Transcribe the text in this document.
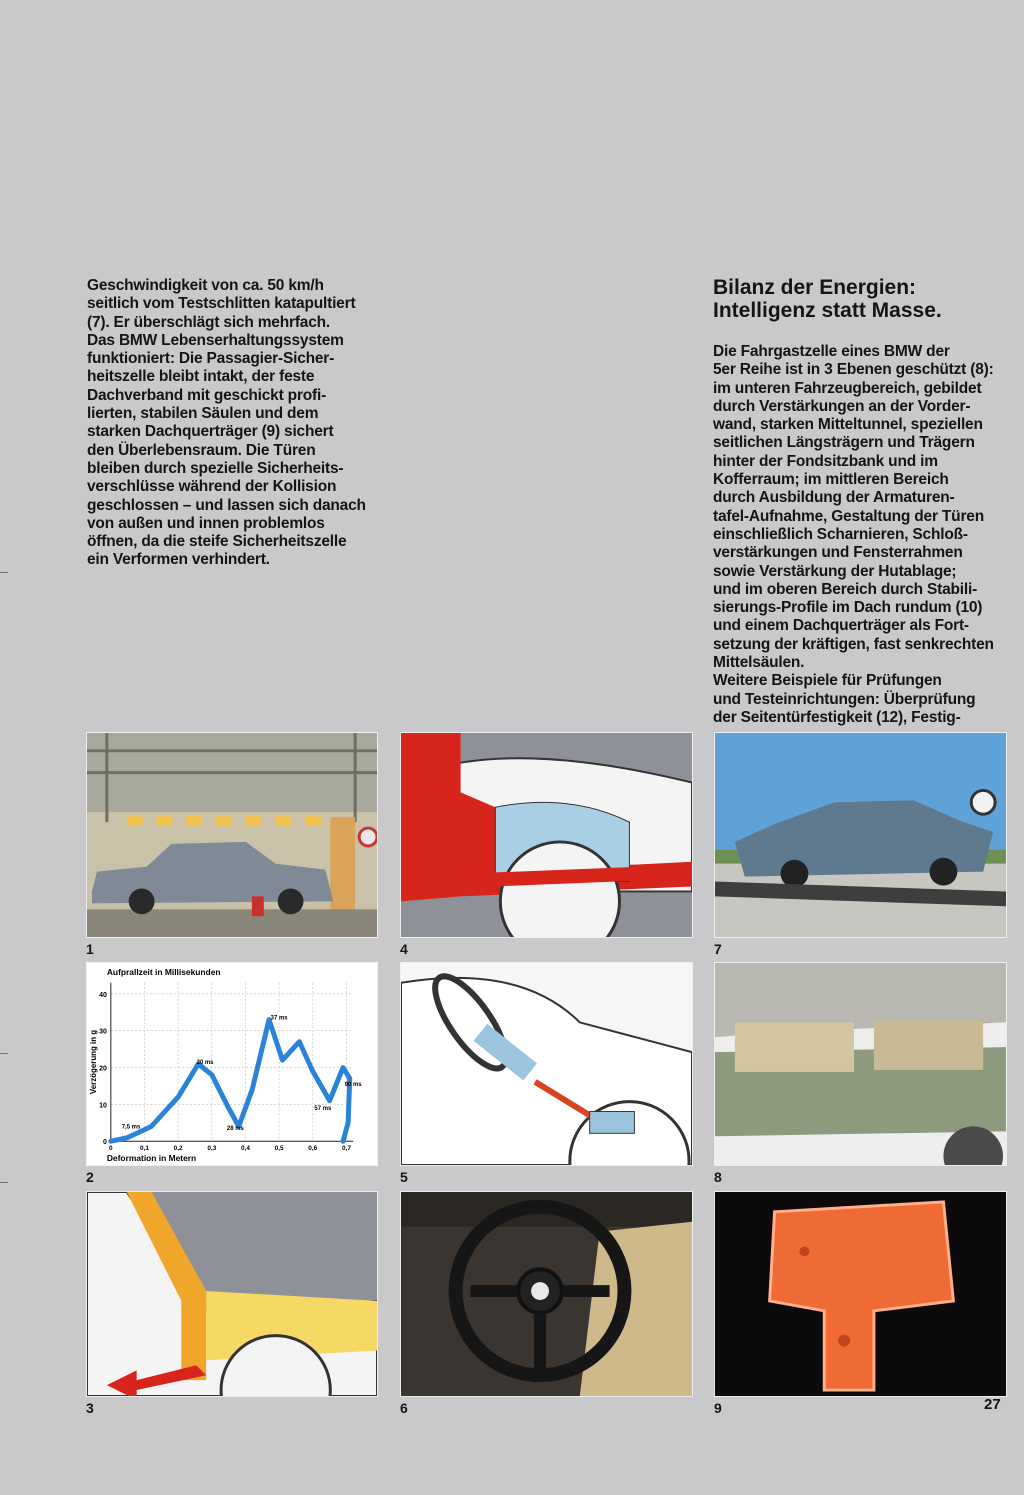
Geschwindigkeit von ca. 50 km/h
seitlich vom Testschlitten katapultiert
(7). Er überschlägt sich mehrfach.
Das BMW Lebenserhaltungssystem
funktioniert: Die Passagier-Sicher-
heitszelle bleibt intakt, der feste
Dachverband mit geschickt profi-
lierten, stabilen Säulen und dem
starken Dachquerträger (9) sichert
den Überlebensraum. Die Türen
bleiben durch spezielle Sicherheits-
verschlüsse während der Kollision
geschlossen – und lassen sich danach
von außen und innen problemlos
öffnen, da die steife Sicherheitszelle
ein Verformen verhindert.
Bilanz der Energien:
Intelligenz statt Masse.
Die Fahrgastzelle eines BMW der
5er Reihe ist in 3 Ebenen geschützt (8):
im unteren Fahrzeugbereich, gebildet
durch Verstärkungen an der Vorder-
wand, starken Mitteltunnel, speziellen
seitlichen Längsträgern und Trägern
hinter der Fondsitzbank und im
Kofferraum; im mittleren Bereich
durch Ausbildung der Armaturen-
tafel-Aufnahme, Gestaltung der Türen
einschließlich Scharnieren, Schloß-
verstärkungen und Fensterrahmen
sowie Verstärkung der Hutablage;
und im oberen Bereich durch Stabili-
sierungs-Profile im Dach rundum (10)
und einem Dachquerträger als Fort-
setzung der kräftigen, fast senkrechten
Mittelsäulen.
Weitere Beispiele für Prüfungen
und Testeinrichtungen: Überprüfung
der Seitentürfestigkeit (12), Festig-
1	4	7
0
10
20
30
40
0	0,1	0,2	0,3	0,4	0,5	0,6	0,7
7,5 ms
20 ms
28 ms
37 ms
57 ms
90 ms
Aufprallzeit in Millisekunden
Deformation in Metern
Verzögerung in g
2	5	8
3	6	9	27
